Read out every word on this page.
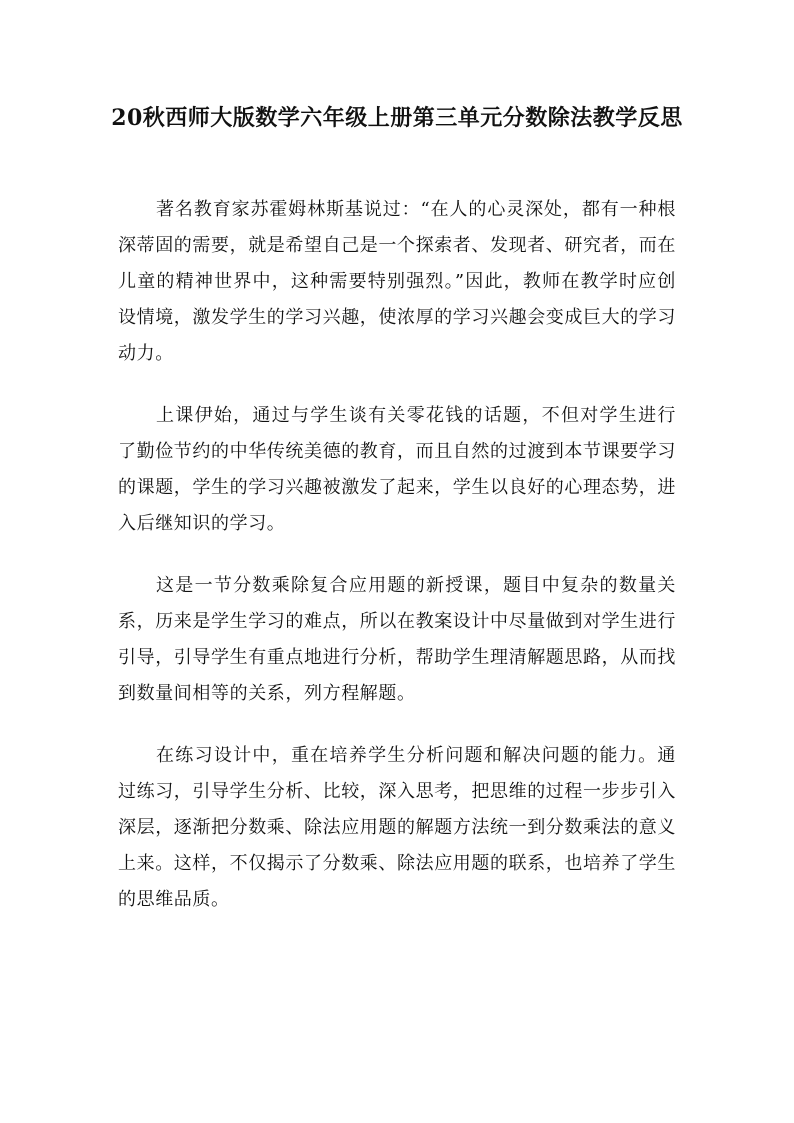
20秋西师大版数学六年级上册第三单元分数除法教学反思

著名教育家苏霍姆林斯基说过：“在人的心灵深处，都有一种根深蒂固的需要，就是希望自己是一个探索者、发现者、研究者，而在儿童的精神世界中，这种需要特别强烈。”因此，教师在教学时应创设情境，激发学生的学习兴趣，使浓厚的学习兴趣会变成巨大的学习动力。

上课伊始，通过与学生谈有关零花钱的话题，不但对学生进行了勤俭节约的中华传统美德的教育，而且自然的过渡到本节课要学习的课题，学生的学习兴趣被激发了起来，学生以良好的心理态势，进入后继知识的学习。

这是一节分数乘除复合应用题的新授课，题目中复杂的数量关系，历来是学生学习的难点，所以在教案设计中尽量做到对学生进行引导，引导学生有重点地进行分析，帮助学生理清解题思路，从而找到数量间相等的关系，列方程解题。

在练习设计中，重在培养学生分析问题和解决问题的能力。通过练习，引导学生分析、比较，深入思考，把思维的过程一步步引入深层，逐渐把分数乘、除法应用题的解题方法统一到分数乘法的意义上来。这样，不仅揭示了分数乘、除法应用题的联系，也培养了学生的思维品质。
